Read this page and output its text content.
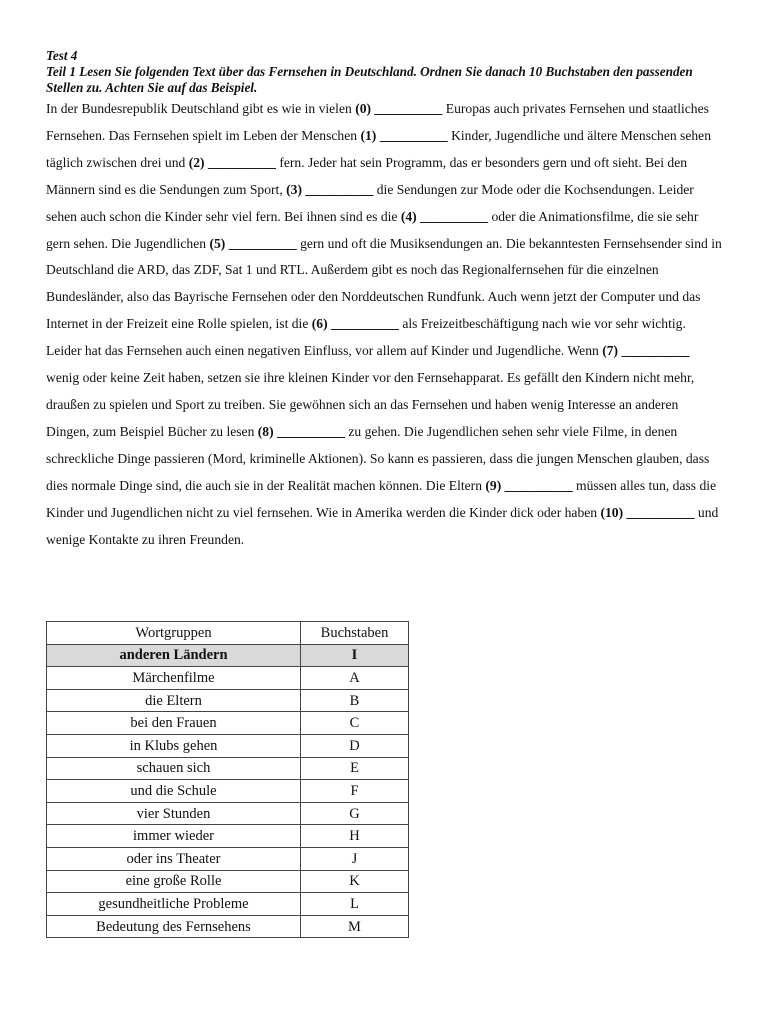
Test 4

Teil 1 Lesen Sie folgenden Text über das Fernsehen in Deutschland. Ordnen Sie danach 10 Buchstaben den passenden Stellen zu. Achten Sie auf das Beispiel.

In der Bundesrepublik Deutschland gibt es wie in vielen (0) __________ Europas auch privates Fernsehen und staatliches Fernsehen. Das Fernsehen spielt im Leben der Menschen (1) __________ Kinder, Jugendliche und ältere Menschen sehen täglich zwischen drei und (2) __________ fern. Jeder hat sein Programm, das er besonders gern und oft sieht. Bei den Männern sind es die Sendungen zum Sport, (3) __________ die Sendungen zur Mode oder die Kochsendungen. Leider sehen auch schon die Kinder sehr viel fern. Bei ihnen sind es die (4) __________ oder die Animationsfilme, die sie sehr gern sehen. Die Jugendlichen (5) __________ gern und oft die Musiksendungen an. Die bekanntesten Fernsehsender sind in Deutschland die ARD, das ZDF, Sat 1 und RTL. Außerdem gibt es noch das Regionalfernsehen für die einzelnen Bundesländer, also das Bayrische Fernsehen oder den Norddeutschen Rundfunk. Auch wenn jetzt der Computer und das Internet in der Freizeit eine Rolle spielen, ist die (6) __________ als Freizeitbeschäftigung nach wie vor sehr wichtig. Leider hat das Fernsehen auch einen negativen Einfluss, vor allem auf Kinder und Jugendliche. Wenn (7) __________ wenig oder keine Zeit haben, setzen sie ihre kleinen Kinder vor den Fernsehapparat. Es gefällt den Kindern nicht mehr, draußen zu spielen und Sport zu treiben. Sie gewöhnen sich an das Fernsehen und haben wenig Interesse an anderen Dingen, zum Beispiel Bücher zu lesen (8) __________ zu gehen. Die Jugendlichen sehen sehr viele Filme, in denen schreckliche Dinge passieren (Mord, kriminelle Aktionen). So kann es passieren, dass die jungen Menschen glauben, dass dies normale Dinge sind, die auch sie in der Realität machen können. Die Eltern (9) __________ müssen alles tun, dass die Kinder und Jugendlichen nicht zu viel fernsehen. Wie in Amerika werden die Kinder dick oder haben (10) __________ und wenige Kontakte zu ihren Freunden.

Wortgruppen	Buchstaben
anderen Ländern	I
Märchenfilme	A
die Eltern	B
bei den Frauen	C
in Klubs gehen	D
schauen sich	E
und die Schule	F
vier Stunden	G
immer wieder	H
oder ins Theater	J
eine große Rolle	K
gesundheitliche Probleme	L
Bedeutung des Fernsehens	M
